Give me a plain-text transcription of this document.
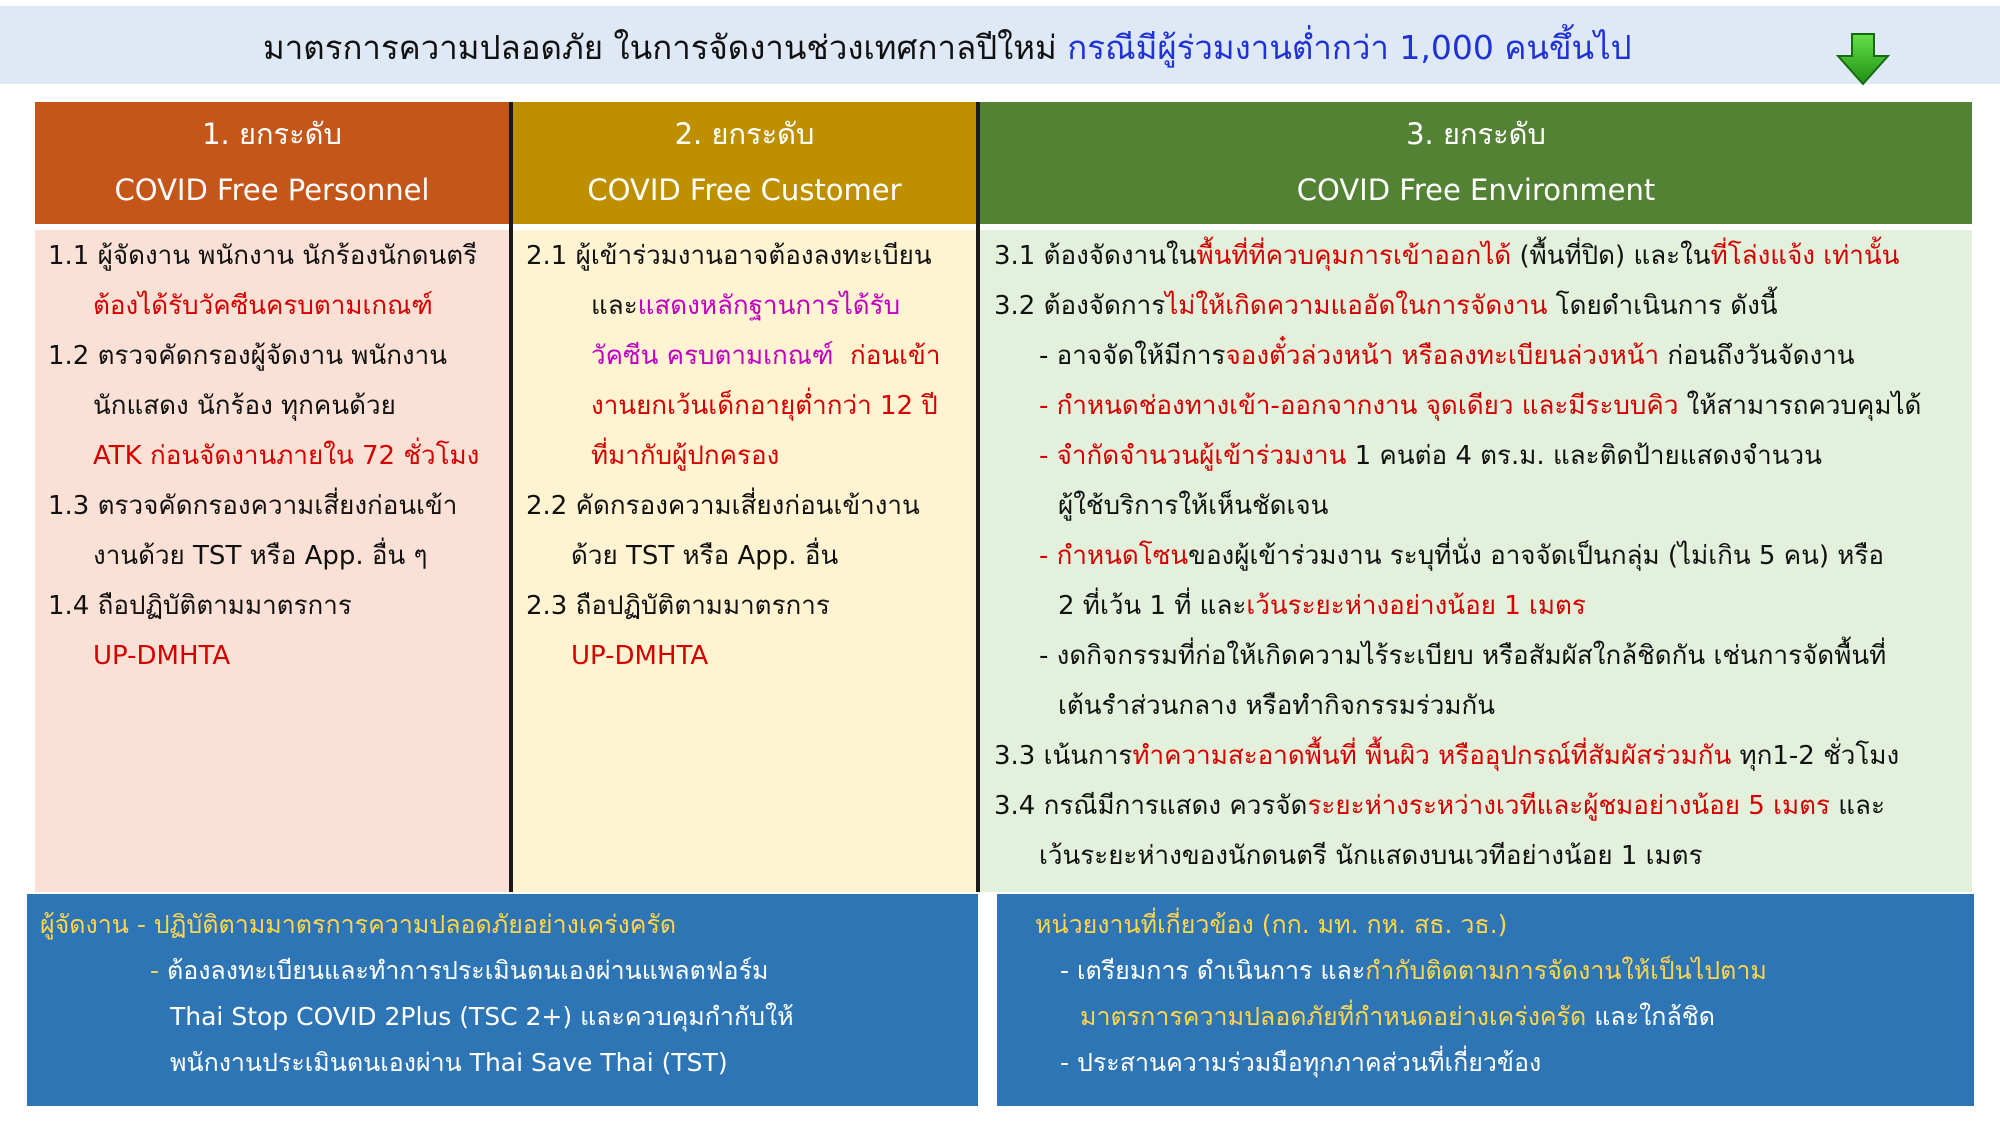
มาตรการความปลอดภัย ในการจัดงานช่วงเทศกาลปีใหม่ กรณีมีผู้ร่วมงานต่ำกว่า 1,000 คนขึ้นไป
1. ยกระดับ
COVID Free Personnel
2. ยกระดับ
COVID Free Customer
3. ยกระดับ
COVID Free Environment
1.1 ผู้จัดงาน พนักงาน นักร้องนักดนตรี
ต้องได้รับวัคซีนครบตามเกณฑ์
1.2 ตรวจคัดกรองผู้จัดงาน พนักงาน
นักแสดง นักร้อง ทุกคนด้วย
ATK ก่อนจัดงานภายใน 72 ชั่วโมง
1.3 ตรวจคัดกรองความเสี่ยงก่อนเข้า
งานด้วย TST หรือ App. อื่น ๆ
1.4 ถือปฏิบัติตามมาตรการ
UP-DMHTA
2.1 ผู้เข้าร่วมงานอาจต้องลงทะเบียน
และแสดงหลักฐานการได้รับ
วัคซีน ครบตามเกณฑ์ ก่อนเข้า
งานยกเว้นเด็กอายุต่ำกว่า 12 ปี
ที่มากับผู้ปกครอง
2.2 คัดกรองความเสี่ยงก่อนเข้างาน
ด้วย TST หรือ App. อื่น
2.3 ถือปฏิบัติตามมาตรการ
UP-DMHTA
3.1 ต้องจัดงานในพื้นที่ที่ควบคุมการเข้าออกได้ (พื้นที่ปิด) และในที่โล่งแจ้ง เท่านั้น
3.2 ต้องจัดการไม่ให้เกิดความแออัดในการจัดงาน โดยดำเนินการ ดังนี้
- อาจจัดให้มีการจองตั๋วล่วงหน้า หรือลงทะเบียนล่วงหน้า ก่อนถึงวันจัดงาน
- กำหนดช่องทางเข้า-ออกจากงาน จุดเดียว และมีระบบคิว ให้สามารถควบคุมได้
- จำกัดจำนวนผู้เข้าร่วมงาน 1 คนต่อ 4 ตร.ม. และติดป้ายแสดงจำนวน
ผู้ใช้บริการให้เห็นชัดเจน
- กำหนดโซนของผู้เข้าร่วมงาน ระบุที่นั่ง อาจจัดเป็นกลุ่ม (ไม่เกิน 5 คน) หรือ
2 ที่เว้น 1 ที่ และเว้นระยะห่างอย่างน้อย 1 เมตร
- งดกิจกรรมที่ก่อให้เกิดความไร้ระเบียบ หรือสัมผัสใกล้ชิดกัน เช่นการจัดพื้นที่
เต้นรำส่วนกลาง หรือทำกิจกรรมร่วมกัน
3.3 เน้นการทำความสะอาดพื้นที่ พื้นผิว หรืออุปกรณ์ที่สัมผัสร่วมกัน ทุก1-2 ชั่วโมง
3.4 กรณีมีการแสดง ควรจัดระยะห่างระหว่างเวทีและผู้ชมอย่างน้อย 5 เมตร และ
เว้นระยะห่างของนักดนตรี นักแสดงบนเวทีอย่างน้อย 1 เมตร
ผู้จัดงาน - ปฏิบัติตามมาตรการความปลอดภัยอย่างเคร่งครัด
- ต้องลงทะเบียนและทำการประเมินตนเองผ่านแพลตฟอร์ม
Thai Stop COVID 2Plus (TSC 2+) และควบคุมกำกับให้
พนักงานประเมินตนเองผ่าน Thai Save Thai (TST)
หน่วยงานที่เกี่ยวข้อง (กก. มท. กห. สธ. วธ.)
- เตรียมการ ดำเนินการ และกำกับติดตามการจัดงานให้เป็นไปตาม
มาตรการความปลอดภัยที่กำหนดอย่างเคร่งครัด และใกล้ชิด
- ประสานความร่วมมือทุกภาคส่วนที่เกี่ยวข้อง
